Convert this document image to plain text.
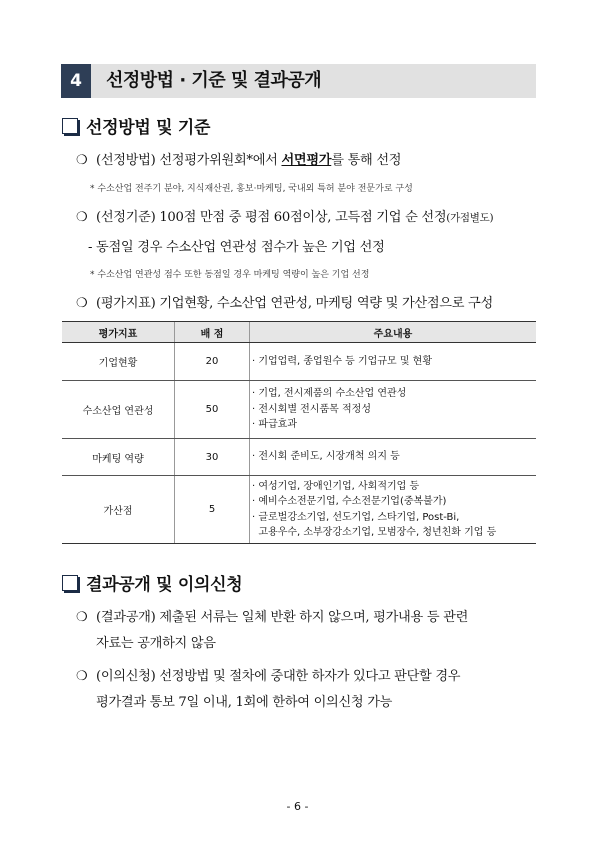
4	선정방법 · 기준 및 결과공개
선정방법 및 기준
❍ (선정방법) 선정평가위원회*에서 서면평가를 통해 선정
* 수소산업 전주기 분야, 지식재산권, 홍보·마케팅, 국내외 특허 분야 전문가로 구성
❍ (선정기준) 100점 만점 중 평점 60점이상, 고득점 기업 순 선정(가점별도)
- 동점일 경우 수소산업 연관성 점수가 높은 기업 선정
* 수소산업 연관성 점수 또한 동점일 경우 마케팅 역량이 높은 기업 선정
❍ (평가지표) 기업현황, 수소산업 연관성, 마케팅 역량 및 가산점으로 구성
평가지표	배 점	주요내용
기업현황	20	· 기업업력, 종업원수 등 기업규모 및 현황

수소산업 연관성	50	· 기업, 전시제품의 수소산업 연관성
· 전시회별 전시품목 적정성
· 파급효과

마케팅 역량	30	· 전시회 준비도, 시장개척 의지 등

가산점	5	· 여성기업, 장애인기업, 사회적기업 등
· 예비수소전문기업, 수소전문기업(중복불가)
· 글로벌강소기업, 선도기업, 스타기업, Post-Bi,
고용우수, 소부장강소기업, 모범장수, 청년친화 기업 등
결과공개 및 이의신청
❍ (결과공개) 제출된 서류는 일체 반환 하지 않으며, 평가내용 등 관련
자료는 공개하지 않음
❍ (이의신청) 선정방법 및 절차에 중대한 하자가 있다고 판단할 경우
평가결과 통보 7일 이내, 1회에 한하여 이의신청 가능
- 6 -
